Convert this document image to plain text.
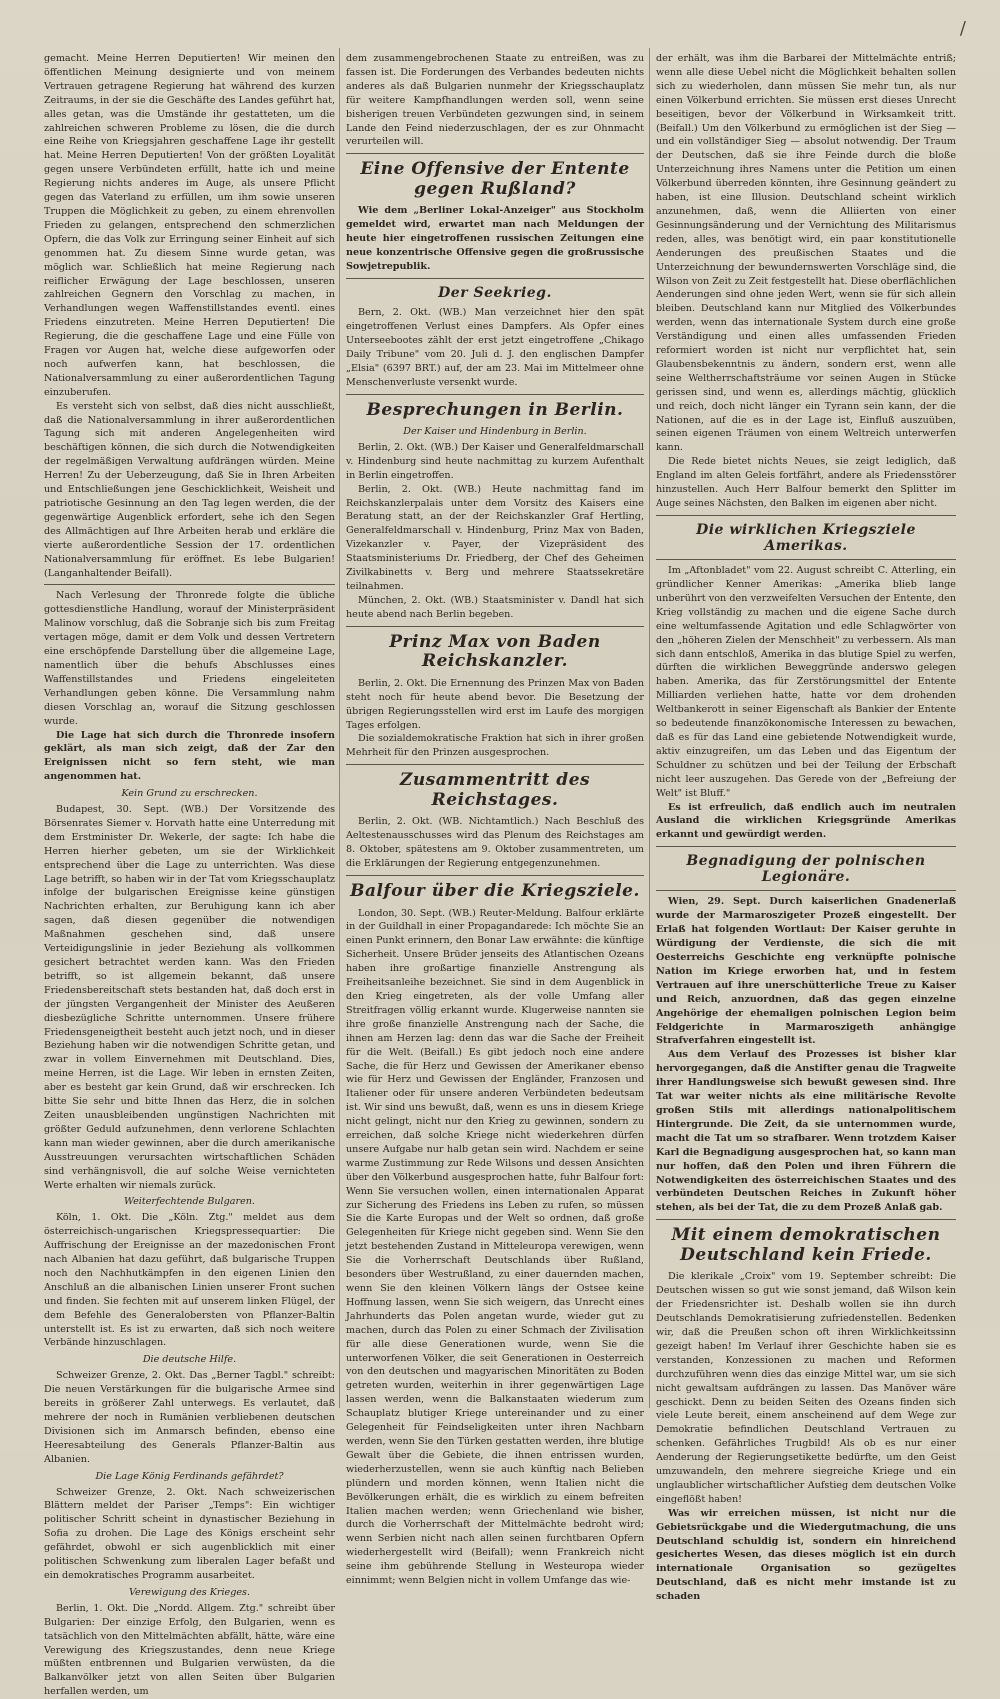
/

gemacht. Meine Herren Deputierten! Wir meinen den öffentlichen Meinung designierte und von meinem Vertrauen getragene Regierung hat während des kurzen Zeitraums, in der sie die Geschäfte des Landes geführt hat, alles getan, was die Umstände ihr gestatteten, um die zahlreichen schweren Probleme zu lösen, die die durch eine Reihe von Kriegsjahren geschaffene Lage ihr gestellt hat. Meine Herren Deputierten! Von der größten Loyalität gegen unsere Verbündeten erfüllt, hatte ich und meine Regierung nichts anderes im Auge, als unsere Pflicht gegen das Vaterland zu erfüllen, um ihm sowie unseren Truppen die Möglichkeit zu geben, zu einem ehrenvollen Frieden zu gelangen, entsprechend den schmerzlichen Opfern, die das Volk zur Erringung seiner Einheit auf sich genommen hat. Zu diesem Sinne wurde getan, was möglich war. Schließlich hat meine Regierung nach reiflicher Erwägung der Lage beschlossen, unseren zahlreichen Gegnern den Vorschlag zu machen, in Verhandlungen wegen Waffenstillstandes eventl. eines Friedens einzutreten. Meine Herren Deputierten! Die Regierung, die die geschaffene Lage und eine Fülle von Fragen vor Augen hat, welche diese aufgeworfen oder noch aufwerfen kann, hat beschlossen, die Nationalversammlung zu einer außerordentlichen Tagung einzuberufen.

Es versteht sich von selbst, daß dies nicht ausschließt, daß die Nationalversammlung in ihrer außerordentlichen Tagung sich mit anderen Angelegenheiten wird beschäftigen können, die sich durch die Notwendigkeiten der regelmäßigen Verwaltung aufdrängen würden. Meine Herren! Zu der Ueberzeugung, daß Sie in Ihren Arbeiten und Entschließungen jene Geschicklichkeit, Weisheit und patriotische Gesinnung an den Tag legen werden, die der gegenwärtige Augenblick erfordert, sehe ich den Segen des Allmächtigen auf Ihre Arbeiten herab und erkläre die vierte außerordentliche Session der 17. ordentlichen Nationalversammlung für eröffnet. Es lebe Bulgarien! (Langanhaltender Beifall).

Nach Verlesung der Thronrede folgte die übliche gottesdienstliche Handlung, worauf der Ministerpräsident Malinow vorschlug, daß die Sobranje sich bis zum Freitag vertagen möge, damit er dem Volk und dessen Vertretern eine erschöpfende Darstellung über die allgemeine Lage, namentlich über die behufs Abschlusses eines Waffenstillstandes und Friedens eingeleiteten Verhandlungen geben könne. Die Versammlung nahm diesen Vorschlag an, worauf die Sitzung geschlossen wurde.

Die Lage hat sich durch die Thronrede insofern geklärt, als man sich zeigt, daß der Zar den Ereignissen nicht so fern steht, wie man angenommen hat.

Kein Grund zu erschrecken.

Budapest, 30. Sept. (WB.) Der Vorsitzende des Börsenrates Siemer v. Horvath hatte eine Unterredung mit dem Erstminister Dr. Wekerle, der sagte: Ich habe die Herren hierher gebeten, um sie der Wirklichkeit entsprechend über die Lage zu unterrichten. Was diese Lage betrifft, so haben wir in der Tat vom Kriegsschauplatz infolge der bulgarischen Ereignisse keine günstigen Nachrichten erhalten, zur Beruhigung kann ich aber sagen, daß diesen gegenüber die notwendigen Maßnahmen geschehen sind, daß unsere Verteidigungslinie in jeder Beziehung als vollkommen gesichert betrachtet werden kann. Was den Frieden betrifft, so ist allgemein bekannt, daß unsere Friedensbereitschaft stets bestanden hat, daß doch erst in der jüngsten Vergangenheit der Minister des Aeußeren diesbezügliche Schritte unternommen. Unsere frühere Friedensgeneigtheit besteht auch jetzt noch, und in dieser Beziehung haben wir die notwendigen Schritte getan, und zwar in vollem Einvernehmen mit Deutschland. Dies, meine Herren, ist die Lage. Wir leben in ernsten Zeiten, aber es besteht gar kein Grund, daß wir erschrecken. Ich bitte Sie sehr und bitte Ihnen das Herz, die in solchen Zeiten unausbleibenden ungünstigen Nachrichten mit größter Geduld aufzunehmen, denn verlorene Schlachten kann man wieder gewinnen, aber die durch amerikanische Ausstreuungen verursachten wirtschaftlichen Schäden sind verhängnisvoll, die auf solche Weise vernichteten Werte erhalten wir niemals zurück.

Weiterfechtende Bulgaren.

Köln, 1. Okt. Die „Köln. Ztg." meldet aus dem österreichisch-ungarischen Kriegspressequartier: Die Auffrischung der Ereignisse an der mazedonischen Front nach Albanien hat dazu geführt, daß bulgarische Truppen noch den Nachhutkämpfen in den eigenen Linien den Anschluß an die albanischen Linien unserer Front suchen und finden. Sie fechten mit auf unserem linken Flügel, der dem Befehle des Generalobersten von Pflanzer-Baltin unterstellt ist. Es ist zu erwarten, daß sich noch weitere Verbände hinzuschlagen.

Die deutsche Hilfe.

Schweizer Grenze, 2. Okt. Das „Berner Tagbl." schreibt: Die neuen Verstärkungen für die bulgarische Armee sind bereits in größerer Zahl unterwegs. Es verlautet, daß mehrere der noch in Rumänien verbliebenen deutschen Divisionen sich im Anmarsch befinden, ebenso eine Heeresabteilung des Generals Pflanzer-Baltin aus Albanien.

Die Lage König Ferdinands gefährdet?

Schweizer Grenze, 2. Okt. Nach schweizerischen Blättern meldet der Pariser „Temps": Ein wichtiger politischer Schritt scheint in dynastischer Beziehung in Sofia zu drohen. Die Lage des Königs erscheint sehr gefährdet, obwohl er sich augenblicklich mit einer politischen Schwenkung zum liberalen Lager befaßt und ein demokratisches Programm ausarbeitet.

Verewigung des Krieges.

Berlin, 1. Okt. Die „Nordd. Allgem. Ztg." schreibt über Bulgarien: Der einzige Erfolg, den Bulgarien, wenn es tatsächlich von den Mittelmächten abfällt, hätte, wäre eine Verewigung des Kriegszustandes, denn neue Kriege müßten entbrennen und Bulgarien verwüsten, da die Balkanvölker jetzt von allen Seiten über Bulgarien herfallen werden, um

dem zusammengebrochenen Staate zu entreißen, was zu fassen ist. Die Forderungen des Verbandes bedeuten nichts anderes als daß Bulgarien nunmehr der Kriegsschauplatz für weitere Kampfhandlungen werden soll, wenn seine bisherigen treuen Verbündeten gezwungen sind, in seinem Lande den Feind niederzuschlagen, der es zur Ohnmacht verurteilen will.

Eine Offensive der Entente gegen Rußland?

Wie dem „Berliner Lokal-Anzeiger" aus Stockholm gemeldet wird, erwartet man nach Meldungen der heute hier eingetroffenen russischen Zeitungen eine neue konzentrische Offensive gegen die großrussische Sowjetrepublik.

Der Seekrieg.

Bern, 2. Okt. (WB.) Man verzeichnet hier den spät eingetroffenen Verlust eines Dampfers. Als Opfer eines Unterseebootes zählt der erst jetzt eingetroffene „Chikago Daily Tribune" vom 20. Juli d. J. den englischen Dampfer „Elsia" (6397 BRT.) auf, der am 23. Mai im Mittelmeer ohne Menschenverluste versenkt wurde.

Besprechungen in Berlin.
Der Kaiser und Hindenburg in Berlin.

Berlin, 2. Okt. (WB.) Der Kaiser und Generalfeldmarschall v. Hindenburg sind heute nachmittag zu kurzem Aufenthalt in Berlin eingetroffen.

Berlin, 2. Okt. (WB.) Heute nachmittag fand im Reichskanzlerpalais unter dem Vorsitz des Kaisers eine Beratung statt, an der der Reichskanzler Graf Hertling, Generalfeldmarschall v. Hindenburg, Prinz Max von Baden, Vizekanzler v. Payer, der Vizepräsident des Staatsministeriums Dr. Friedberg, der Chef des Geheimen Zivilkabinetts v. Berg und mehrere Staatssekretäre teilnahmen.

München, 2. Okt. (WB.) Staatsminister v. Dandl hat sich heute abend nach Berlin begeben.

Prinz Max von Baden Reichskanzler.

Berlin, 2. Okt. Die Ernennung des Prinzen Max von Baden steht noch für heute abend bevor. Die Besetzung der übrigen Regierungsstellen wird erst im Laufe des morgigen Tages erfolgen.

Die sozialdemokratische Fraktion hat sich in ihrer großen Mehrheit für den Prinzen ausgesprochen.

Zusammentritt des Reichstages.

Berlin, 2. Okt. (WB. Nichtamtlich.) Nach Beschluß des Aeltestenausschusses wird das Plenum des Reichstages am 8. Oktober, spätestens am 9. Oktober zusammentreten, um die Erklärungen der Regierung entgegenzunehmen.

Balfour über die Kriegsziele.

London, 30. Sept. (WB.) Reuter-Meldung. Balfour erklärte in der Guildhall in einer Propagandarede: Ich möchte Sie an einen Punkt erinnern, den Bonar Law erwähnte: die künftige Sicherheit. Unsere Brüder jenseits des Atlantischen Ozeans haben ihre großartige finanzielle Anstrengung als Freiheitsanleihe bezeichnet. Sie sind in dem Augenblick in den Krieg eingetreten, als der volle Umfang aller Streitfragen völlig erkannt wurde. Klugerweise nannten sie ihre große finanzielle Anstrengung nach der Sache, die ihnen am Herzen lag: denn das war die Sache der Freiheit für die Welt. (Beifall.) Es gibt jedoch noch eine andere Sache, die für Herz und Gewissen der Amerikaner ebenso wie für Herz und Gewissen der Engländer, Franzosen und Italiener oder für unsere anderen Verbündeten bedeutsam ist. Wir sind uns bewußt, daß, wenn es uns in diesem Kriege nicht gelingt, nicht nur den Krieg zu gewinnen, sondern zu erreichen, daß solche Kriege nicht wiederkehren dürfen unsere Aufgabe nur halb getan sein wird. Nachdem er seine warme Zustimmung zur Rede Wilsons und dessen Ansichten über den Völkerbund ausgesprochen hatte, fuhr Balfour fort: Wenn Sie versuchen wollen, einen internationalen Apparat zur Sicherung des Friedens ins Leben zu rufen, so müssen Sie die Karte Europas und der Welt so ordnen, daß große Gelegenheiten für Kriege nicht gegeben sind. Wenn Sie den jetzt bestehenden Zustand in Mitteleuropa verewigen, wenn Sie die Vorherrschaft Deutschlands über Rußland, besonders über Westrußland, zu einer dauernden machen, wenn Sie den kleinen Völkern längs der Ostsee keine Hoffnung lassen, wenn Sie sich weigern, das Unrecht eines Jahrhunderts das Polen angetan wurde, wieder gut zu machen, durch das Polen zu einer Schmach der Zivilisation für alle diese Generationen wurde, wenn Sie die unterworfenen Völker, die seit Generationen in Oesterreich von den deutschen und magyarischen Minoritäten zu Boden getreten wurden, weiterhin in ihrer gegenwärtigen Lage lassen werden, wenn die Balkanstaaten wiederum zum Schauplatz blutiger Kriege untereinander und zu einer Gelegenheit für Feindseligkeiten unter ihren Nachbarn werden, wenn Sie den Türken gestatten werden, ihre blutige Gewalt über die Gebiete, die ihnen entrissen wurden, wiederherzustellen, wenn sie auch künftig nach Belieben plündern und morden können, wenn Italien nicht die Bevölkerungen erhält, die es wirklich zu einem befreiten Italien machen werden; wenn Griechenland wie bisher, durch die Vorherrschaft der Mittelmächte bedroht wird; wenn Serbien nicht nach allen seinen furchtbaren Opfern wiederhergestellt wird (Beifall); wenn Frankreich nicht seine ihm gebührende Stellung in Westeuropa wieder einnimmt; wenn Belgien nicht in vollem Umfange das wie-

der erhält, was ihm die Barbarei der Mittelmächte entriß; wenn alle diese Uebel nicht die Möglichkeit behalten sollen sich zu wiederholen, dann müssen Sie mehr tun, als nur einen Völkerbund errichten. Sie müssen erst dieses Unrecht beseitigen, bevor der Völkerbund in Wirksamkeit tritt. (Beifall.) Um den Völkerbund zu ermöglichen ist der Sieg — und ein vollständiger Sieg — absolut notwendig. Der Traum der Deutschen, daß sie ihre Feinde durch die bloße Unterzeichnung ihres Namens unter die Petition um einen Völkerbund überreden könnten, ihre Gesinnung geändert zu haben, ist eine Illusion. Deutschland scheint wirklich anzunehmen, daß, wenn die Alliierten von einer Gesinnungsänderung und der Vernichtung des Militarismus reden, alles, was benötigt wird, ein paar konstitutionelle Aenderungen des preußischen Staates und die Unterzeichnung der bewundernswerten Vorschläge sind, die Wilson von Zeit zu Zeit festgestellt hat. Diese oberflächlichen Aenderungen sind ohne jeden Wert, wenn sie für sich allein bleiben. Deutschland kann nur Mitglied des Völkerbundes werden, wenn das internationale System durch eine große Verständigung und einen alles umfassenden Frieden reformiert worden ist nicht nur verpflichtet hat, sein Glaubensbekenntnis zu ändern, sondern erst, wenn alle seine Weltherrschaftsträume vor seinen Augen in Stücke gerissen sind, und wenn es, allerdings mächtig, glücklich und reich, doch nicht länger ein Tyrann sein kann, der die Nationen, auf die es in der Lage ist, Einfluß auszuüben, seinen eigenen Träumen von einem Weltreich unterwerfen kann.

Die Rede bietet nichts Neues, sie zeigt lediglich, daß England im alten Geleis fortfährt, andere als Friedensstörer hinzustellen. Auch Herr Balfour bemerkt den Splitter im Auge seines Nächsten, den Balken im eigenen aber nicht.

Die wirklichen Kriegsziele Amerikas.

Im „Aftonbladet" vom 22. August schreibt C. Atterling, ein gründlicher Kenner Amerikas: „Amerika blieb lange unberührt von den verzweifelten Versuchen der Entente, den Krieg vollständig zu machen und die eigene Sache durch eine weltumfassende Agitation und edle Schlagwörter von den „höheren Zielen der Menschheit" zu verbessern. Als man sich dann entschloß, Amerika in das blutige Spiel zu werfen, dürften die wirklichen Beweggründe anderswo gelegen haben. Amerika, das für Zerstörungsmittel der Entente Milliarden verliehen hatte, hatte vor dem drohenden Weltbankerott in seiner Eigenschaft als Bankier der Entente so bedeutende finanzökonomische Interessen zu bewachen, daß es für das Land eine gebietende Notwendigkeit wurde, aktiv einzugreifen, um das Leben und das Eigentum der Schuldner zu schützen und bei der Teilung der Erbschaft nicht leer auszugehen. Das Gerede von der „Befreiung der Welt" ist Bluff."

Es ist erfreulich, daß endlich auch im neutralen Ausland die wirklichen Kriegsgründe Amerikas erkannt und gewürdigt werden.

Begnadigung der polnischen Legionäre.

Wien, 29. Sept. Durch kaiserlichen Gnadenerlaß wurde der Marmaroszigeter Prozeß eingestellt. Der Erlaß hat folgenden Wortlaut: Der Kaiser geruhte in Würdigung der Verdienste, die sich die mit Oesterreichs Geschichte eng verknüpfte polnische Nation im Kriege erworben hat, und in festem Vertrauen auf ihre unerschütterliche Treue zu Kaiser und Reich, anzuordnen, daß das gegen einzelne Angehörige der ehemaligen polnischen Legion beim Feldgerichte in Marmaroszigeth anhängige Strafverfahren eingestellt ist.

Aus dem Verlauf des Prozesses ist bisher klar hervorgegangen, daß die Anstifter genau die Tragweite ihrer Handlungsweise sich bewußt gewesen sind. Ihre Tat war weiter nichts als eine militärische Revolte großen Stils mit allerdings nationalpolitischem Hintergrunde. Die Zeit, da sie unternommen wurde, macht die Tat um so strafbarer. Wenn trotzdem Kaiser Karl die Begnadigung ausgesprochen hat, so kann man nur hoffen, daß den Polen und ihren Führern die Notwendigkeiten des österreichischen Staates und des verbündeten Deutschen Reiches in Zukunft höher stehen, als bei der Tat, die zu dem Prozeß Anlaß gab.

Mit einem demokratischen Deutschland kein Friede.

Die klerikale „Croix" vom 19. September schreibt: Die Deutschen wissen so gut wie sonst jemand, daß Wilson kein der Friedensrichter ist. Deshalb wollen sie ihn durch Deutschlands Demokratisierung zufriedenstellen. Bedenken wir, daß die Preußen schon oft ihren Wirklichkeitssinn gezeigt haben! Im Verlauf ihrer Geschichte haben sie es verstanden, Konzessionen zu machen und Reformen durchzuführen wenn dies das einzige Mittel war, um sie sich nicht gewaltsam aufdrängen zu lassen. Das Manöver wäre geschickt. Denn zu beiden Seiten des Ozeans finden sich viele Leute bereit, einem anscheinend auf dem Wege zur Demokratie befindlichen Deutschland Vertrauen zu schenken. Gefährliches Trugbild! Als ob es nur einer Aenderung der Regierungsetikette bedürfte, um den Geist umzuwandeln, den mehrere siegreiche Kriege und ein unglaublicher wirtschaftlicher Aufstieg dem deutschen Volke eingeflößt haben!

Was wir erreichen müssen, ist nicht nur die Gebietsrückgabe und die Wiedergutmachung, die uns Deutschland schuldig ist, sondern ein hinreichend gesichertes Wesen, das dieses möglich ist ein durch internationale Organisation so gezügeltes Deutschland, daß es nicht mehr imstande ist zu schaden
